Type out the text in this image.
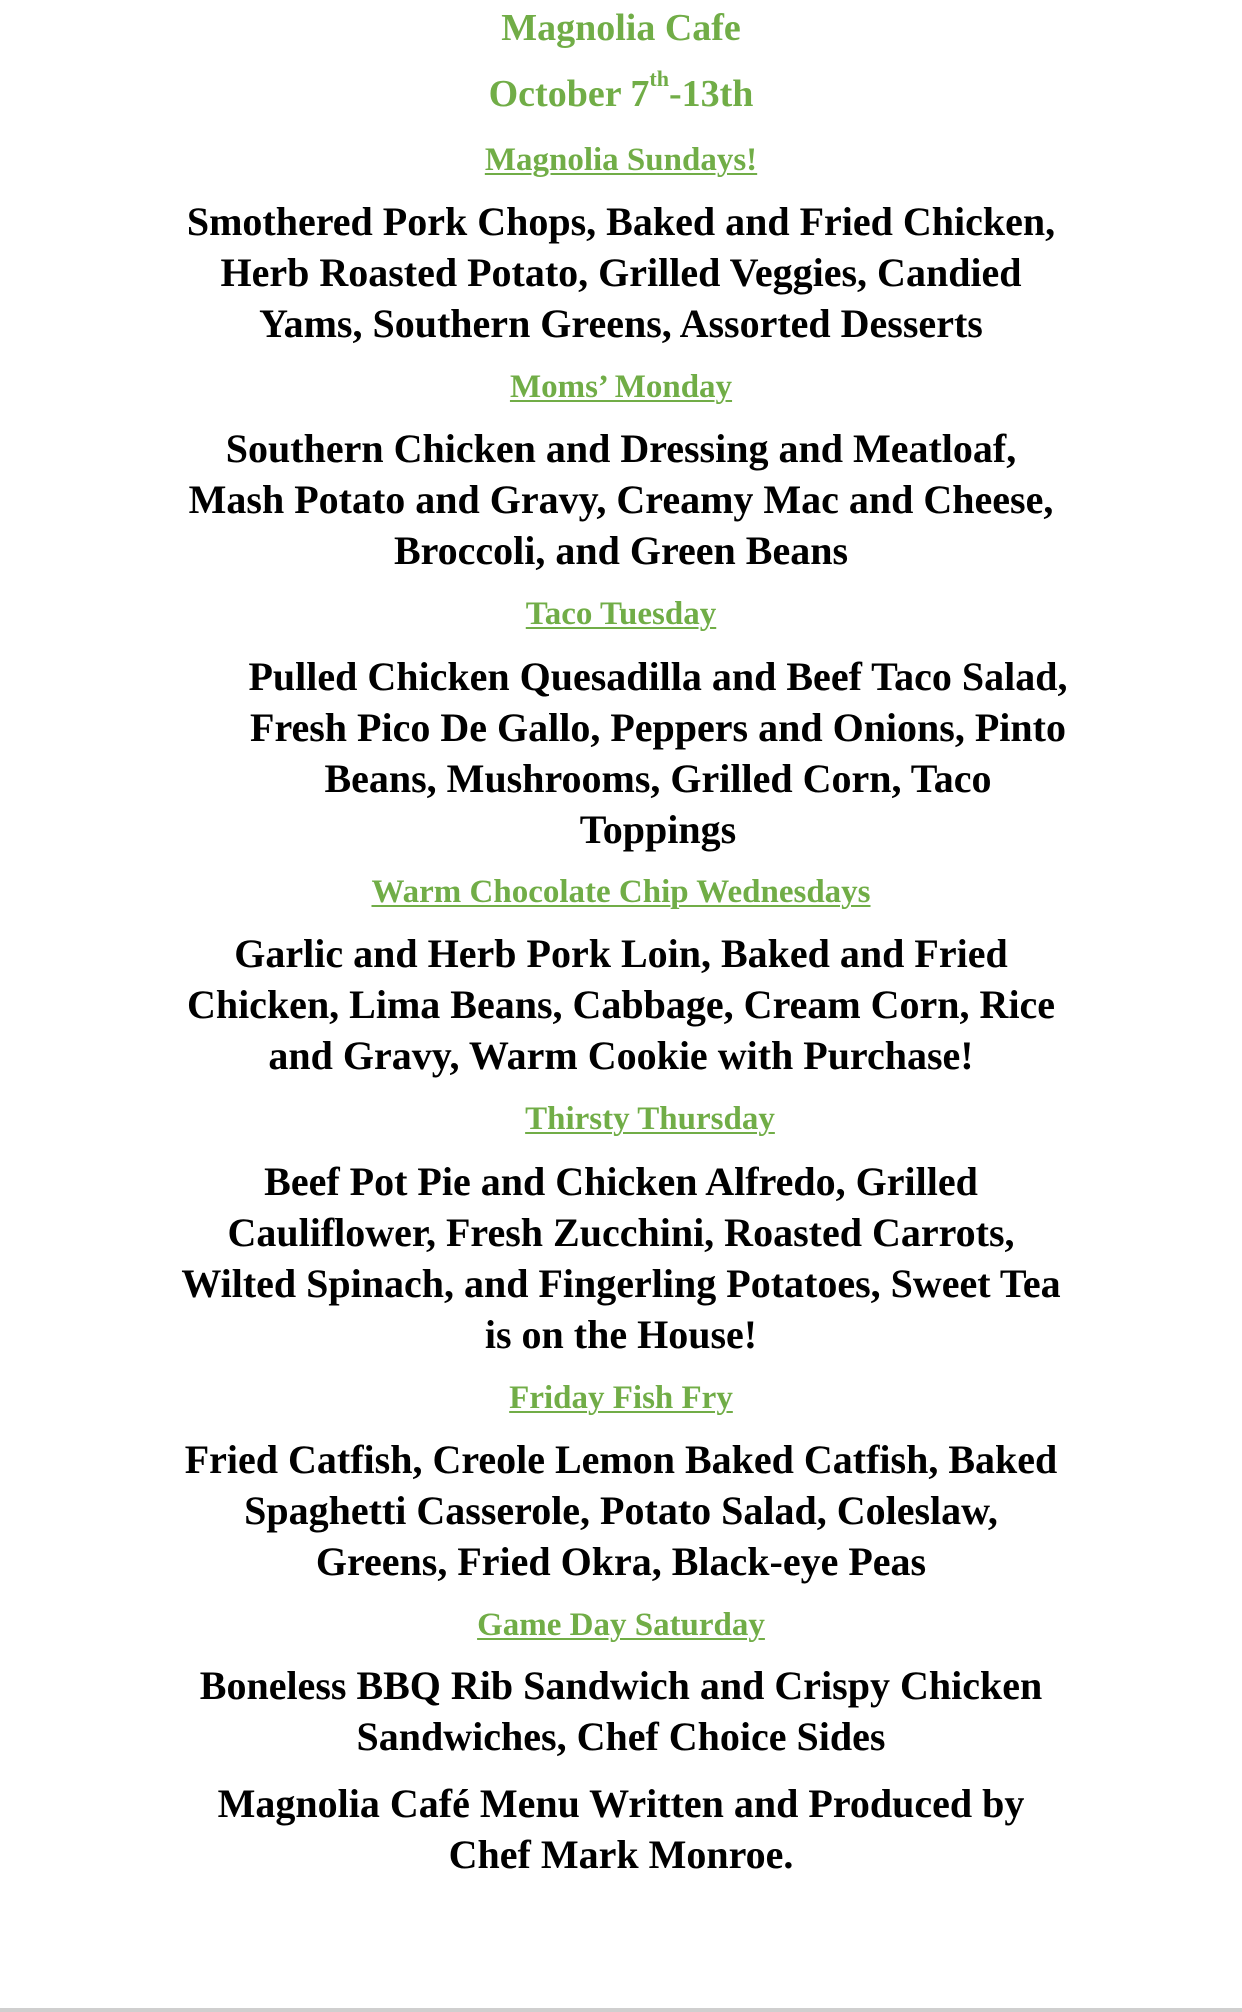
Magnolia Cafe
October 7th-13th
Magnolia Sundays!
Smothered Pork Chops, Baked and Fried Chicken,
Herb Roasted Potato, Grilled Veggies, Candied
Yams, Southern Greens, Assorted Desserts
Moms’ Monday
Southern Chicken and Dressing and Meatloaf,
Mash Potato and Gravy, Creamy Mac and Cheese,
Broccoli, and Green Beans
Taco Tuesday
Pulled Chicken Quesadilla and Beef Taco Salad,
Fresh Pico De Gallo, Peppers and Onions, Pinto
Beans, Mushrooms, Grilled Corn, Taco
Toppings
Warm Chocolate Chip Wednesdays
Garlic and Herb Pork Loin, Baked and Fried
Chicken, Lima Beans, Cabbage, Cream Corn, Rice
and Gravy, Warm Cookie with Purchase!
Thirsty Thursday
Beef Pot Pie and Chicken Alfredo, Grilled
Cauliflower, Fresh Zucchini, Roasted Carrots,
Wilted Spinach, and Fingerling Potatoes, Sweet Tea
is on the House!
Friday Fish Fry
Fried Catfish, Creole Lemon Baked Catfish, Baked
Spaghetti Casserole, Potato Salad, Coleslaw,
Greens, Fried Okra, Black-eye Peas
Game Day Saturday
Boneless BBQ Rib Sandwich and Crispy Chicken
Sandwiches, Chef Choice Sides
Magnolia Café Menu Written and Produced by
Chef Mark Monroe.
